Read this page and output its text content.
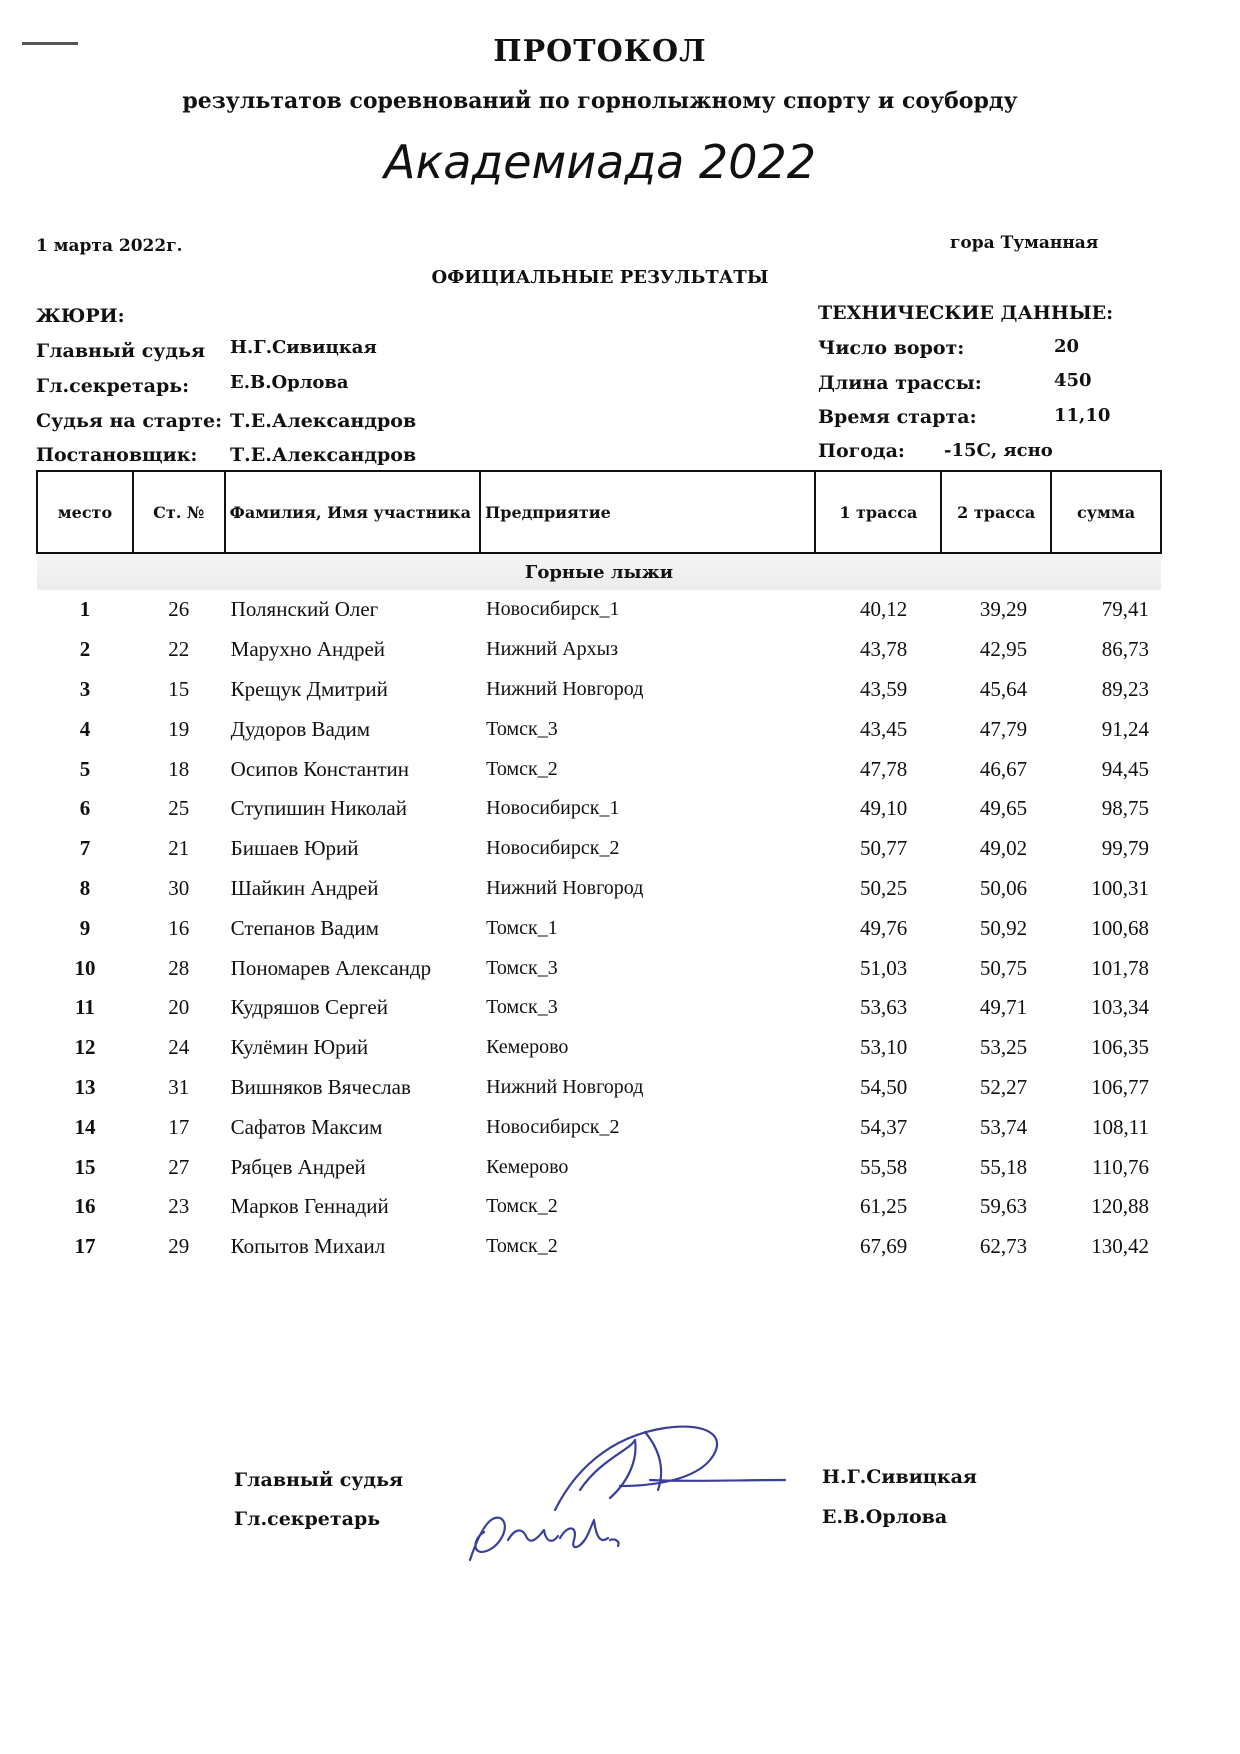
ПРОТОКОЛ
результатов соревнований по горнолыжному спорту и соуборду
Академиада 2022
1 марта 2022г.	гора Туманная
ОФИЦИАЛЬНЫЕ РЕЗУЛЬТАТЫ
ЖЮРИ:
Главный судья Н.Г.Сивицкая
Гл.секретарь: Е.В.Орлова
Судья на старте: Т.Е.Александров
Постановщик: Т.Е.Александров
ТЕХНИЧЕСКИЕ ДАННЫЕ:
Число ворот:	20
Длина трассы:	450
Время старта:	11,10
Погода: -15С, ясно
место	Ст. №	Фамилия, Имя участника	Предприятие	1 трасса	2 трасса	сумма
Горные лыжи						
1	26	Полянский Олег	Новосибирск_1	40,12	39,29	79,41
2	22	Марухно Андрей	Нижний Архыз	43,78	42,95	86,73
3	15	Крещук Дмитрий	Нижний Новгород	43,59	45,64	89,23
4	19	Дудоров Вадим	Томск_3	43,45	47,79	91,24
5	18	Осипов Константин	Томск_2	47,78	46,67	94,45
6	25	Ступишин Николай	Новосибирск_1	49,10	49,65	98,75
7	21	Бишаев Юрий	Новосибирск_2	50,77	49,02	99,79
8	30	Шайкин Андрей	Нижний Новгород	50,25	50,06	100,31
9	16	Степанов Вадим	Томск_1	49,76	50,92	100,68
10	28	Пономарев Александр	Томск_3	51,03	50,75	101,78
11	20	Кудряшов Сергей	Томск_3	53,63	49,71	103,34
12	24	Кулёмин Юрий	Кемерово	53,10	53,25	106,35
13	31	Вишняков Вячеслав	Нижний Новгород	54,50	52,27	106,77
14	17	Сафатов Максим	Новосибирск_2	54,37	53,74	108,11
15	27	Рябцев Андрей	Кемерово	55,58	55,18	110,76
16	23	Марков Геннадий	Томск_2	61,25	59,63	120,88
17	29	Копытов Михаил	Томск_2	67,69	62,73	130,42
Главный судья
Гл.секретарь
Н.Г.Сивицкая
Е.В.Орлова
